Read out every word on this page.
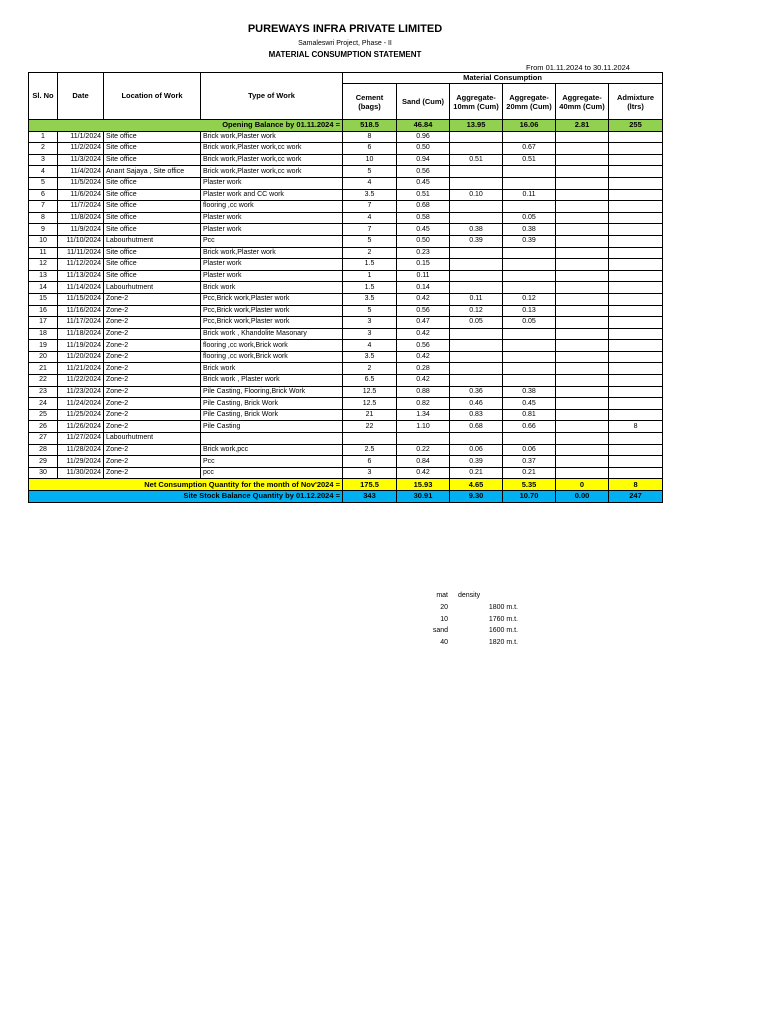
PUREWAYS INFRA PRIVATE LIMITED
Samaleswri Project, Phase - II
MATERIAL CONSUMPTION STATEMENT
From 01.11.2024 to 30.11.2024
Sl. No	Date	Location of Work	Type of Work	Material Consumption					
				Cement (bags)	Sand (Cum)	Aggregate-10mm (Cum)	Aggregate-20mm (Cum)	Aggregate-40mm (Cum)	Admixture (ltrs)
Opening Balance by 01.11.2024 =				518.5	46.84	13.95	16.06	2.81	255
1	11/1/2024	Site office	Brick work,Plaster work	8	0.96				
2	11/2/2024	Site office	Brick work,Plaster work,cc work	6	0.50		0.67		
3	11/3/2024	Site office	Brick work,Plaster work,cc work	10	0.94	0.51	0.51		
4	11/4/2024	Anant Sajaya , Site office	Brick work,Plaster work,cc work	5	0.56				
5	11/5/2024	Site office	Plaster work	4	0.45				
6	11/6/2024	Site office	Plaster work and CC work	3.5	0.51	0.10	0.11		
7	11/7/2024	Site office	flooring ,cc work	7	0.68				
8	11/8/2024	Site office	Plaster work	4	0.58		0.05		
9	11/9/2024	Site office	Plaster work	7	0.45	0.38	0.38		
10	11/10/2024	Labourhutment	Pcc	5	0.50	0.39	0.39		
11	11/11/2024	Site office	Brick work,Plaster work	2	0.23				
12	11/12/2024	Site office	Plaster work	1.5	0.15				
13	11/13/2024	Site office	Plaster work	1	0.11				
14	11/14/2024	Labourhutment	Brick work	1.5	0.14				
15	11/15/2024	Zone-2	Pcc,Brick work,Plaster work	3.5	0.42	0.11	0.12		
16	11/16/2024	Zone-2	Pcc,Brick work,Plaster work	5	0.56	0.12	0.13		
17	11/17/2024	Zone-2	Pcc,Brick work,Plaster work	3	0.47	0.05	0.05		
18	11/18/2024	Zone-2	Brick work , Khandolite Masonary	3	0.42				
19	11/19/2024	Zone-2	flooring ,cc work,Brick work	4	0.56				
20	11/20/2024	Zone-2	flooring ,cc work,Brick work	3.5	0.42				
21	11/21/2024	Zone-2	Brick work	2	0.28				
22	11/22/2024	Zone-2	Brick work , Plaster work	6.5	0.42				
23	11/23/2024	Zone-2	Pile Casting, Flooring,Brick Work	12.5	0.88	0.36	0.38		
24	11/24/2024	Zone-2	Pile Casting, Brick Work	12.5	0.82	0.46	0.45		
25	11/25/2024	Zone-2	Pile Casting, Brick Work	21	1.34	0.83	0.81		
26	11/26/2024	Zone-2	Pile Casting	22	1.10	0.68	0.66		8
27	11/27/2024	Labourhutment							
28	11/28/2024	Zone-2	Brick work,pcc	2.5	0.22	0.06	0.06		
29	11/29/2024	Zone-2	Pcc	6	0.84	0.39	0.37		
30	11/30/2024	Zone-2	pcc	3	0.42	0.21	0.21		
Net Consumption Quantity for the month of Nov'2024 =				175.5	15.93	4.65	5.35	0	8
Site Stock Balance Quantity by 01.12.2024 =				343	30.91	9.30	10.70	0.00	247
mat		density
20		1800 m.t.
10		1760 m.t.
sand		1600 m.t.
40		1820 m.t.
